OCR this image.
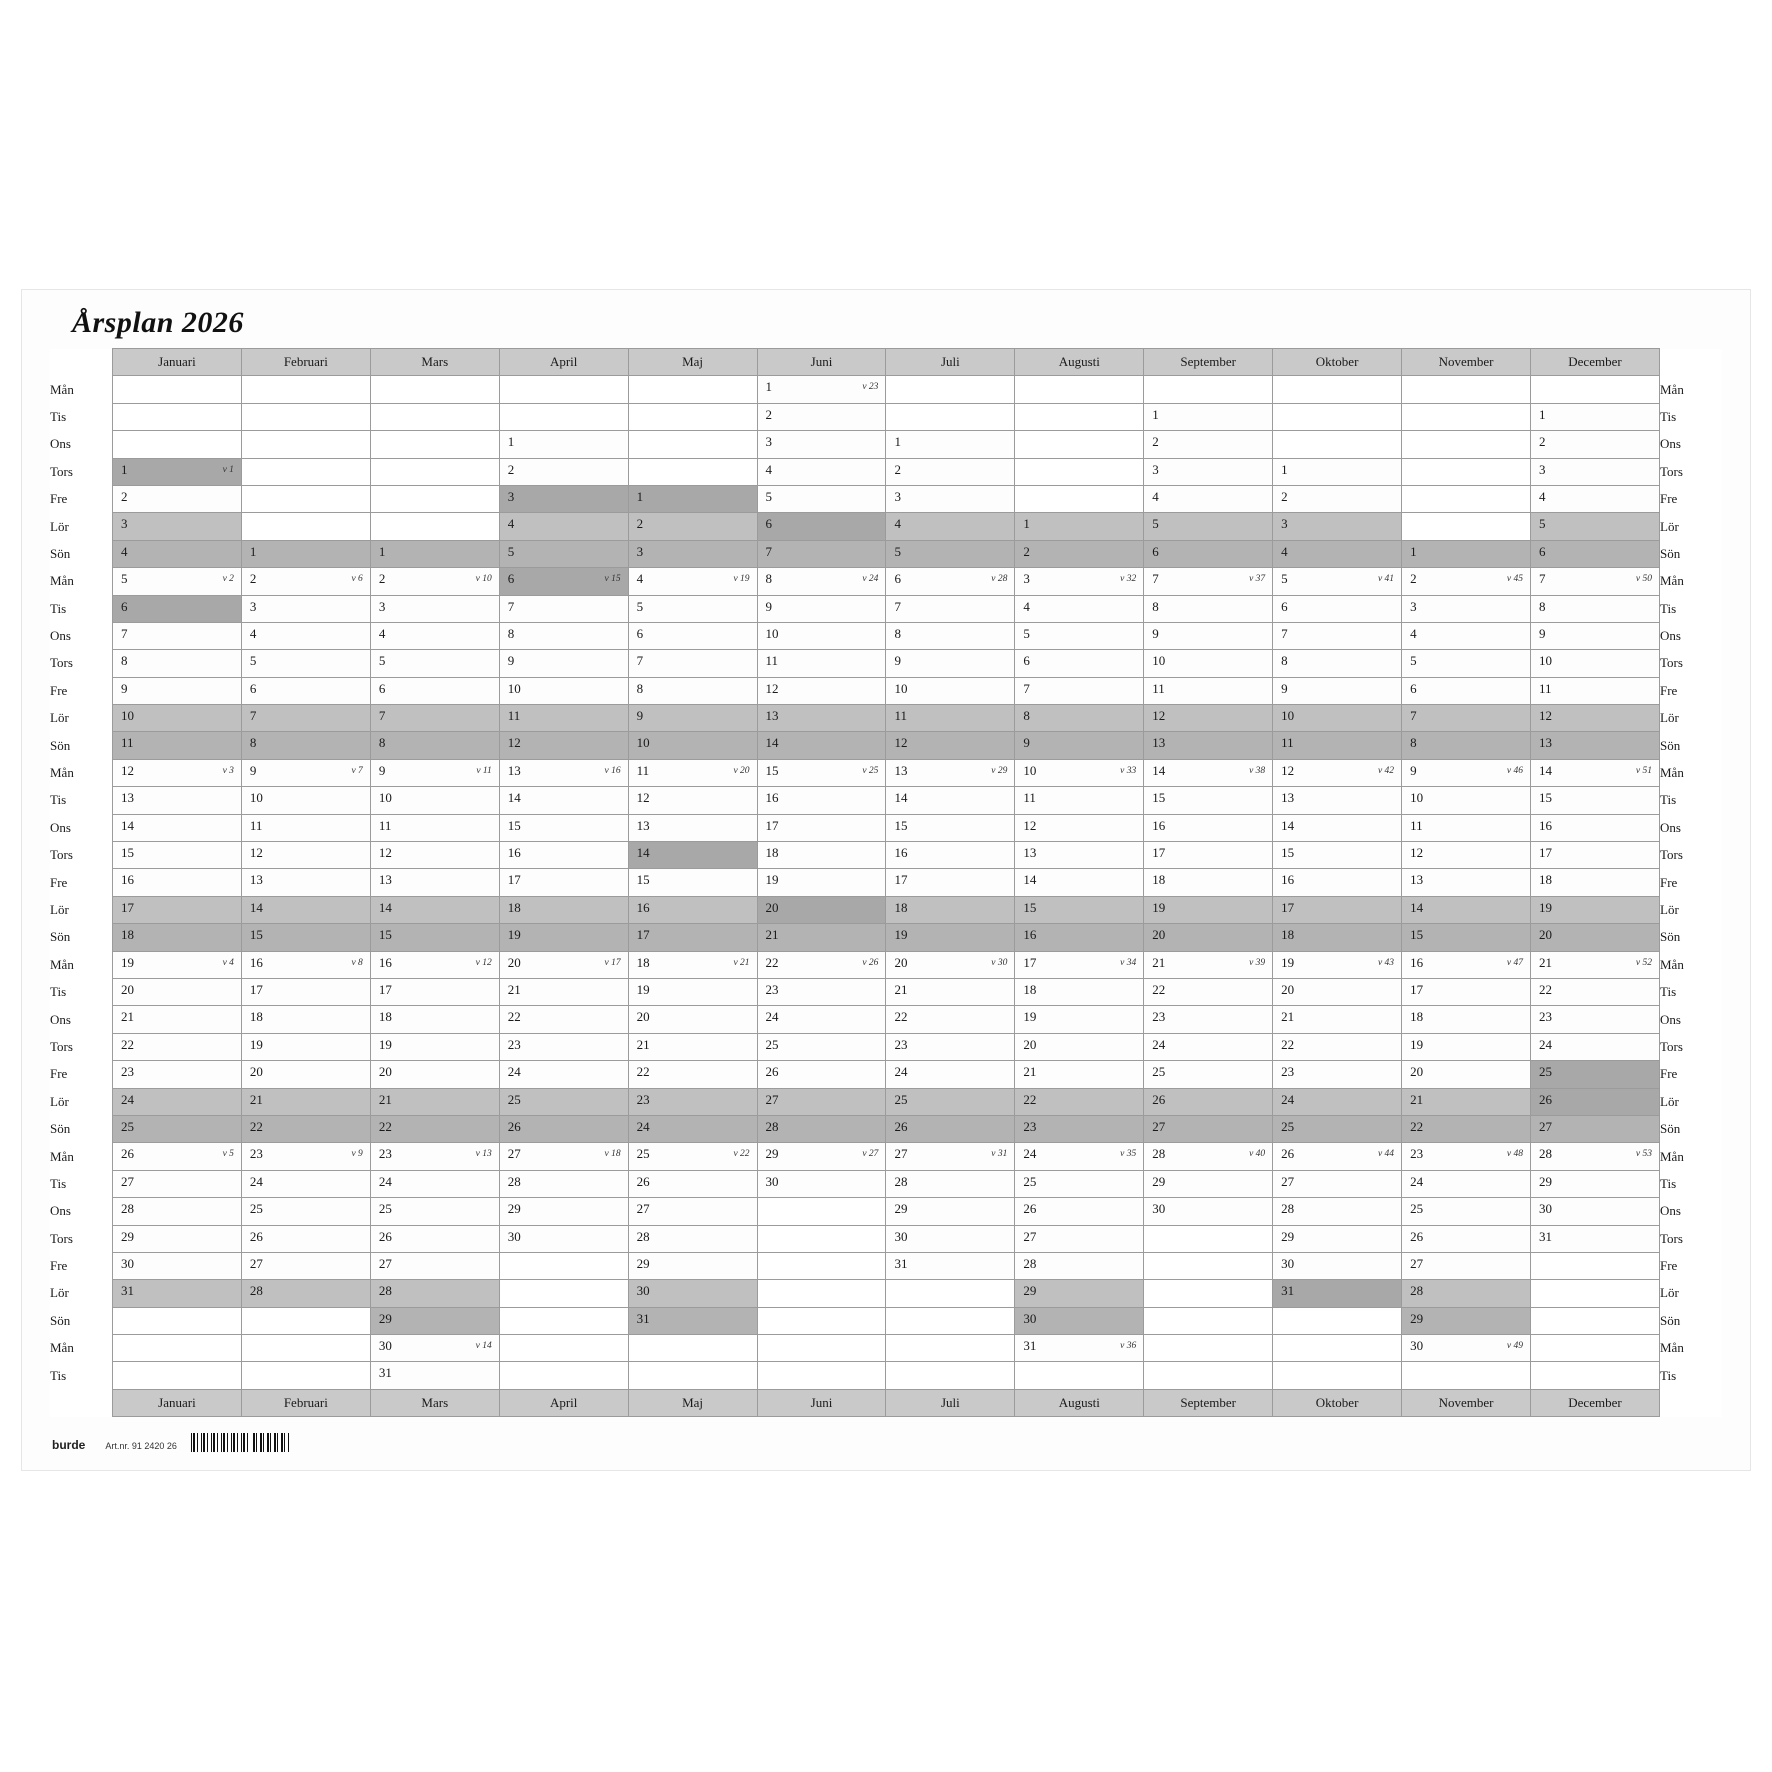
Årsplan 2026
	Januari	Februari	Mars	April	Maj	Juni	Juli	Augusti	September	Oktober	November	December	
Mån						1 v 23							Mån
Tis						2			1			1	Tis
Ons				1		3	1		2			2	Ons
Tors	1 v 1			2		4	2		3	1		3	Tors
Fre	2			3	1	5	3		4	2		4	Fre
Lör	3			4	2	6	4	1	5	3		5	Lör
Sön	4	1	1	5	3	7	5	2	6	4	1	6	Sön
Mån	5 v 2	2 v 6	2 v 10	6 v 15	4 v 19	8 v 24	6 v 28	3 v 32	7 v 37	5 v 41	2 v 45	7 v 50	Mån
Tis	6	3	3	7	5	9	7	4	8	6	3	8	Tis
Ons	7	4	4	8	6	10	8	5	9	7	4	9	Ons
Tors	8	5	5	9	7	11	9	6	10	8	5	10	Tors
Fre	9	6	6	10	8	12	10	7	11	9	6	11	Fre
Lör	10	7	7	11	9	13	11	8	12	10	7	12	Lör
Sön	11	8	8	12	10	14	12	9	13	11	8	13	Sön
Mån	12 v 3	9 v 7	9 v 11	13 v 16	11 v 20	15 v 25	13 v 29	10 v 33	14 v 38	12 v 42	9 v 46	14 v 51	Mån
Tis	13	10	10	14	12	16	14	11	15	13	10	15	Tis
Ons	14	11	11	15	13	17	15	12	16	14	11	16	Ons
Tors	15	12	12	16	14	18	16	13	17	15	12	17	Tors
Fre	16	13	13	17	15	19	17	14	18	16	13	18	Fre
Lör	17	14	14	18	16	20	18	15	19	17	14	19	Lör
Sön	18	15	15	19	17	21	19	16	20	18	15	20	Sön
Mån	19 v 4	16 v 8	16 v 12	20 v 17	18 v 21	22 v 26	20 v 30	17 v 34	21 v 39	19 v 43	16 v 47	21 v 52	Mån
Tis	20	17	17	21	19	23	21	18	22	20	17	22	Tis
Ons	21	18	18	22	20	24	22	19	23	21	18	23	Ons
Tors	22	19	19	23	21	25	23	20	24	22	19	24	Tors
Fre	23	20	20	24	22	26	24	21	25	23	20	25	Fre
Lör	24	21	21	25	23	27	25	22	26	24	21	26	Lör
Sön	25	22	22	26	24	28	26	23	27	25	22	27	Sön
Mån	26 v 5	23 v 9	23 v 13	27 v 18	25 v 22	29 v 27	27 v 31	24 v 35	28 v 40	26 v 44	23 v 48	28 v 53	Mån
Tis	27	24	24	28	26	30	28	25	29	27	24	29	Tis
Ons	28	25	25	29	27		29	26	30	28	25	30	Ons
Tors	29	26	26	30	28		30	27		29	26	31	Tors
Fre	30	27	27		29		31	28		30	27		Fre
Lör	31	28	28		30			29		31	28		Lör
Sön			29		31			30			29		Sön
Mån			30 v 14					31 v 36			30 v 49		Mån
Tis			31										Tis
	Januari	Februari	Mars	April	Maj	Juni	Juli	Augusti	September	Oktober	November	December	
burde Art.nr. 91 2420 26
